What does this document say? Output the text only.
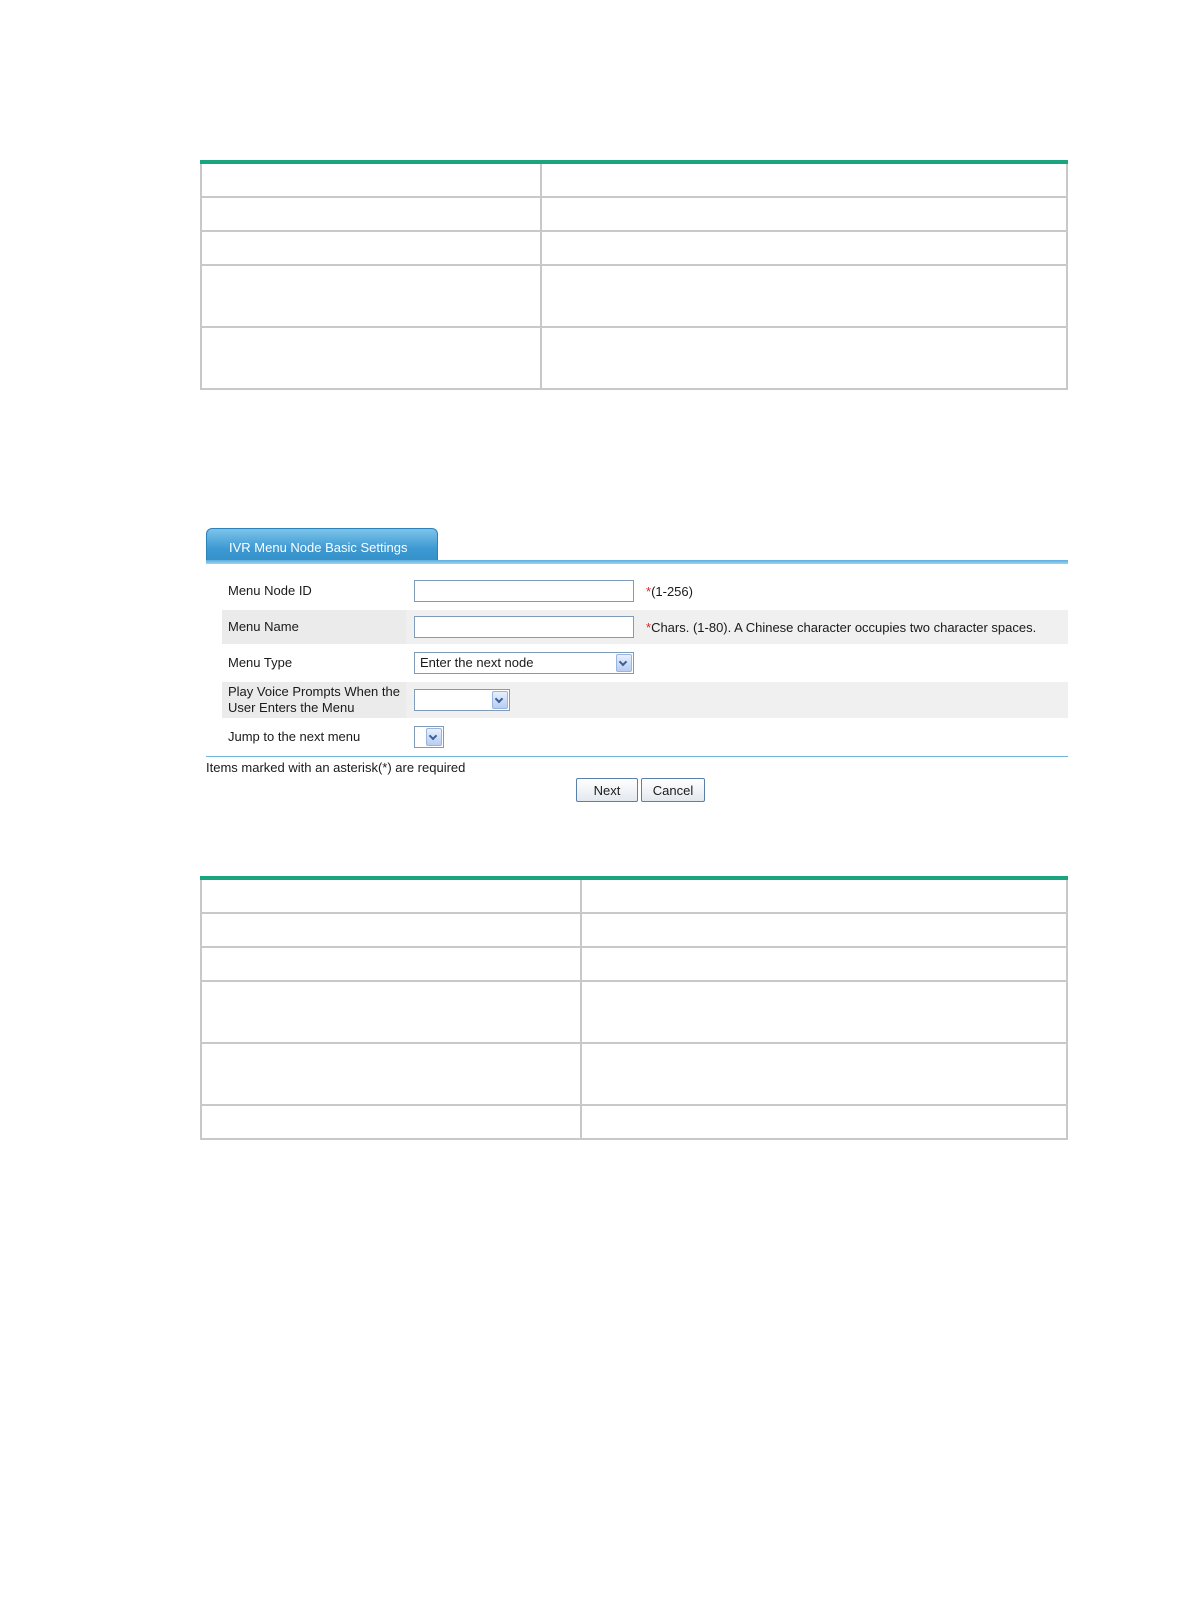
IVR Menu Node Basic Settings
Menu Node ID	* (1-256)
Menu Name	* Chars. (1-80). A Chinese character occupies two character spaces.
Menu Type	Enter the next node
Play Voice Prompts When the User Enters the Menu
Jump to the next menu
Items marked with an asterisk(*) are required
Next	Cancel
